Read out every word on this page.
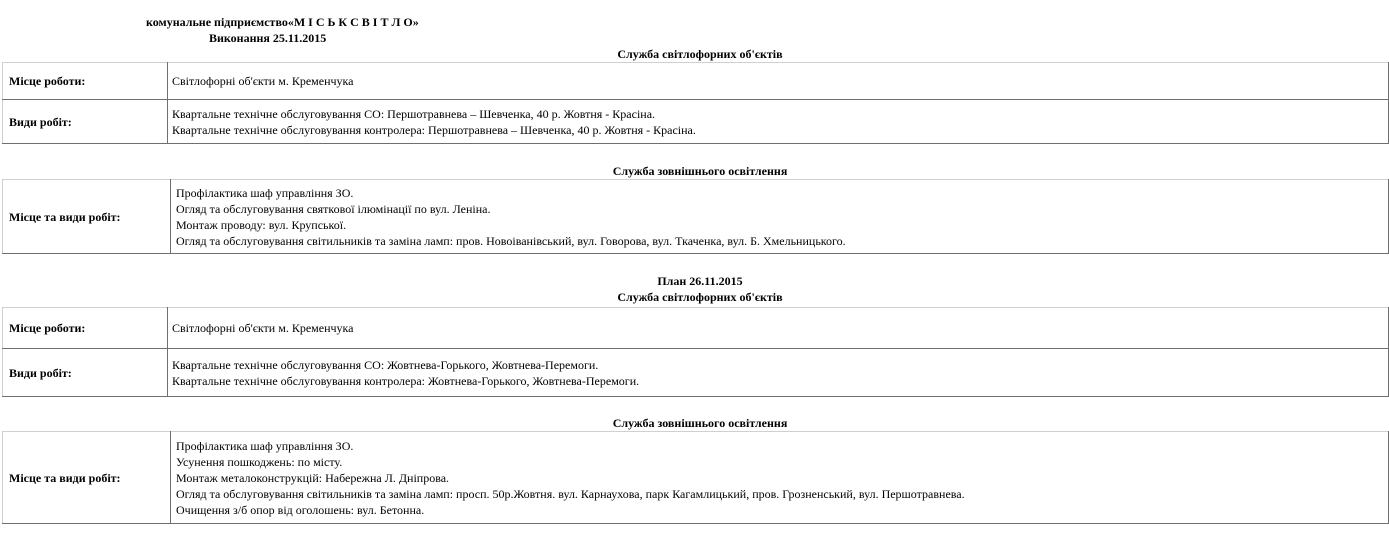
комунальне підприємство«М І С Ь К С В І Т Л О»
Виконання 25.11.2015
Служба світлофорних об'єктів
Місце роботи:	Світлофорні об'єкти м. Кременчука
Види робіт:	Квартальне технічне обслуговування СО: Першотравнева – Шевченка, 40 р. Жовтня - Красіна.
Квартальне технічне обслуговування контролера: Першотравнева – Шевченка, 40 р. Жовтня - Красіна.
Служба зовнішнього освітлення
Місце та види робіт:	
Профілактика шаф управління ЗО.
Огляд та обслуговування святкової ілюмінації по вул. Леніна.
Монтаж проводу: вул. Крупської.
Огляд та обслуговування світильників та заміна ламп: пров. Новоіванівський, вул. Говорова, вул. Ткаченка, вул. Б. Хмельницького.
План 26.11.2015
Служба світлофорних об'єктів
Місце роботи:	Світлофорні об'єкти м. Кременчука
Види робіт:	Квартальне технічне обслуговування СО: Жовтнева-Горького, Жовтнева-Перемоги.
Квартальне технічне обслуговування контролера: Жовтнева-Горького, Жовтнева-Перемоги.
Служба зовнішнього освітлення
Місце та види робіт:	
Профілактика шаф управління ЗО.
Усунення пошкоджень: по місту.
Монтаж металоконструкцій: Набережна Л. Дніпрова.
Огляд та обслуговування світильників та заміна ламп: просп. 50р.Жовтня. вул. Карнаухова, парк Кагамлицький, пров. Грозненський, вул. Першотравнева.
Очищення з/б опор від оголошень: вул. Бетонна.
